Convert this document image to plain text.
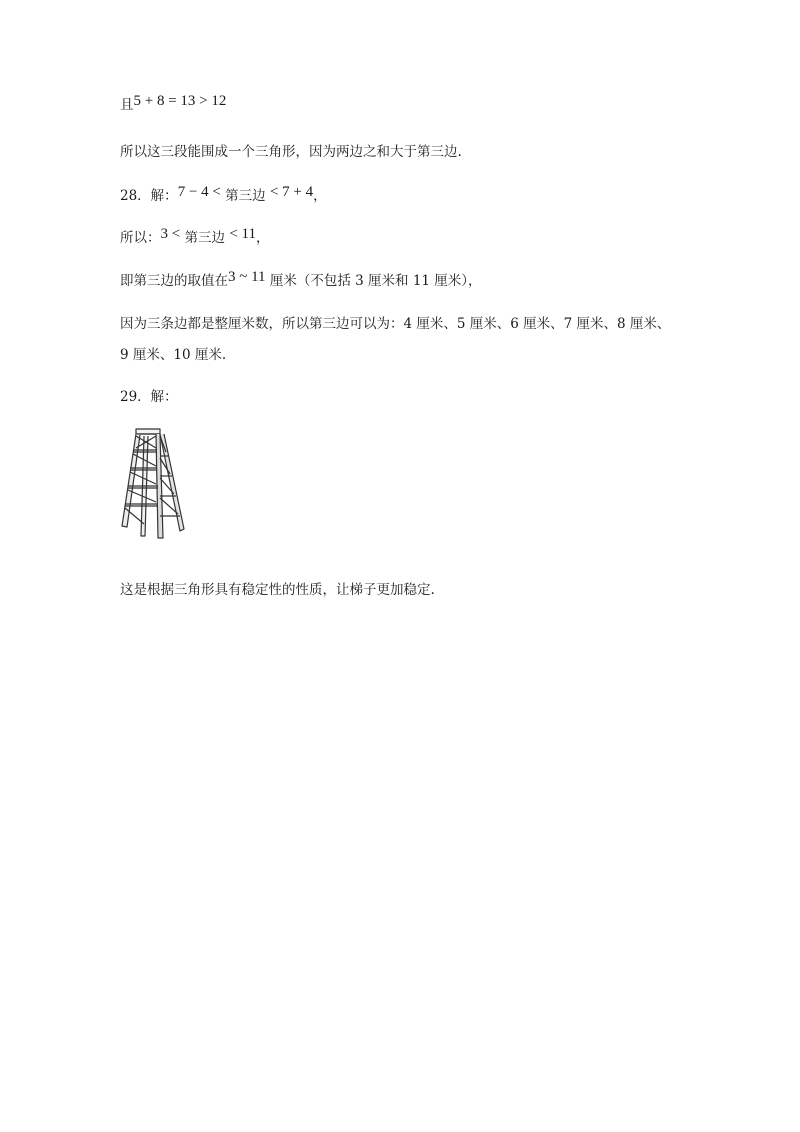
且5 + 8 = 13 > 12
所以这三段能围成一个三角形，因为两边之和大于第三边.
28．解：7 − 4 < 第三边 < 7 + 4，
所以：3 < 第三边 < 11，
即第三边的取值在3 ~ 11 厘米（不包括 3 厘米和 11 厘米），
因为三条边都是整厘米数，所以第三边可以为：4 厘米、5 厘米、6 厘米、7 厘米、8 厘米、
9 厘米、10 厘米.
29．解：
这是根据三角形具有稳定性的性质，让梯子更加稳定.
